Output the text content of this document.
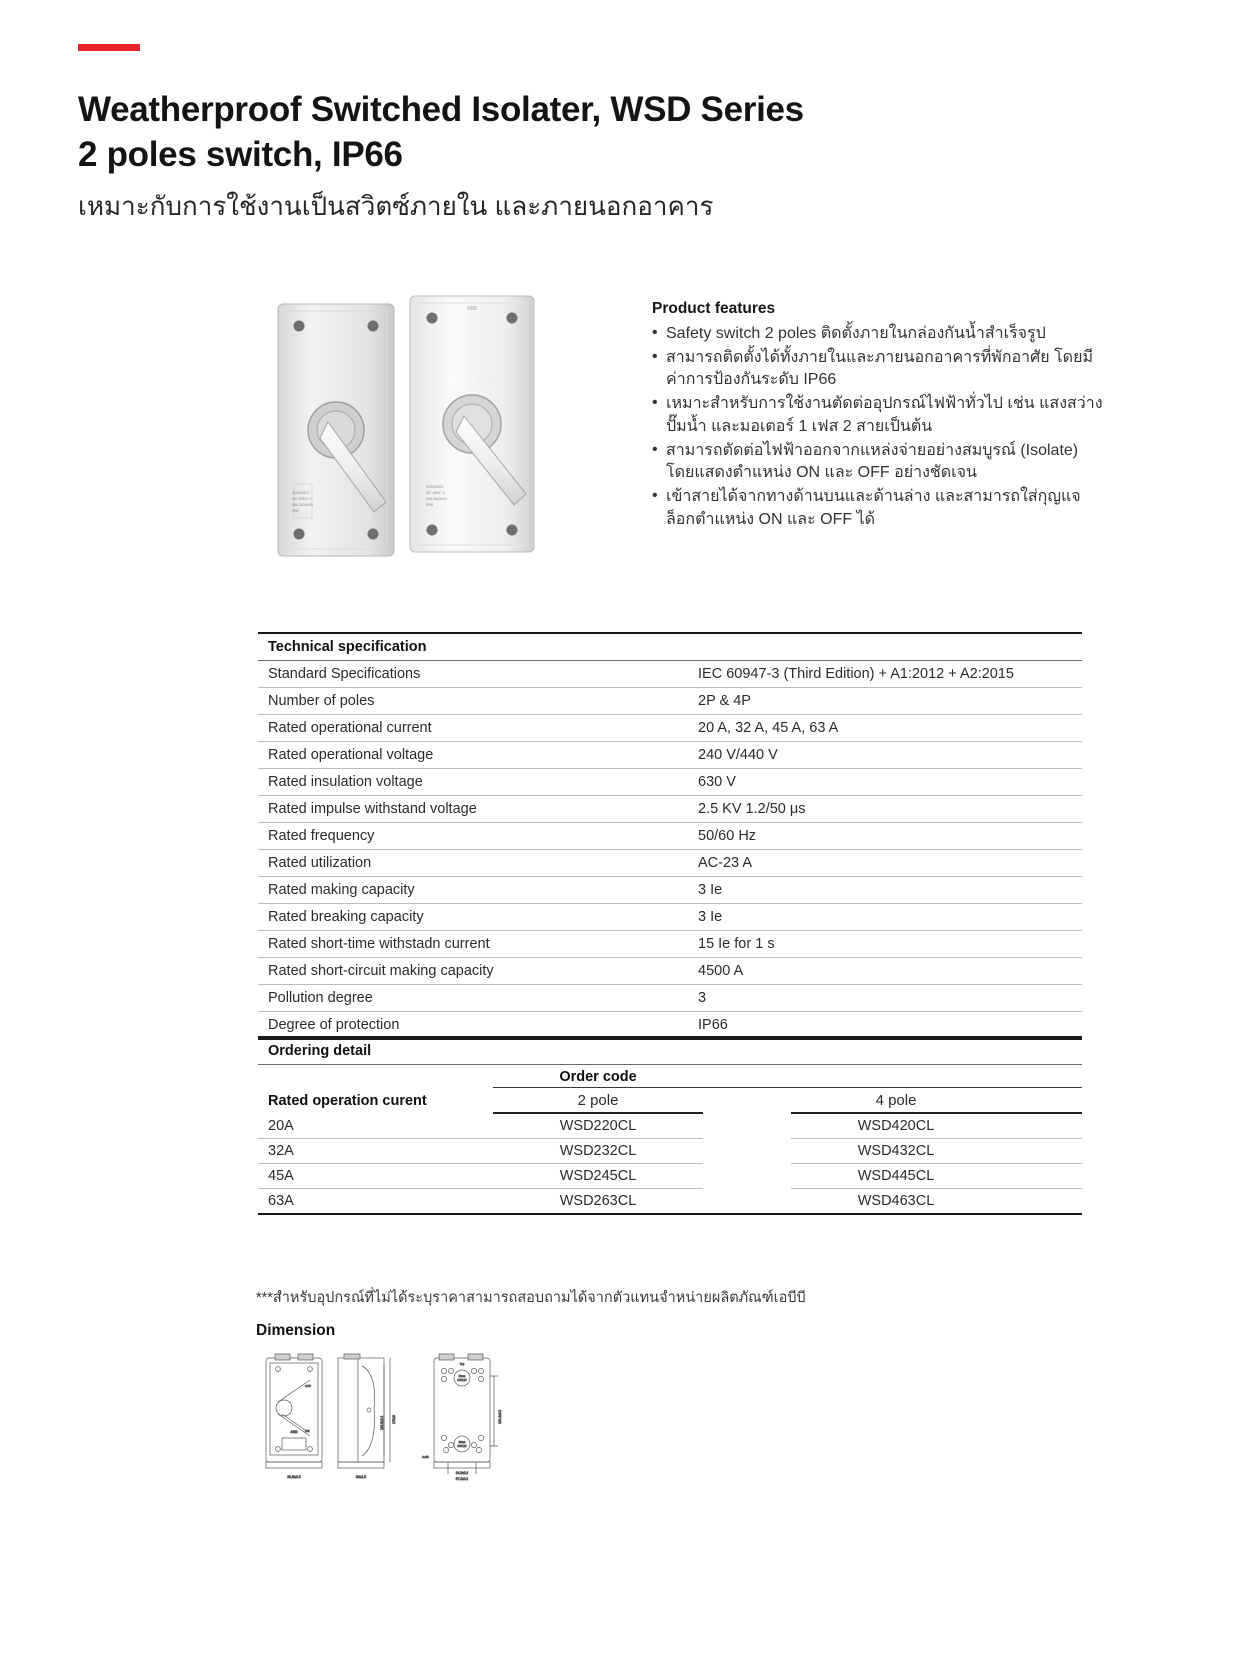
Weatherproof Switched Isolater, WSD Series
2 poles switch, IP66
เหมาะกับการใช้งานเป็นสวิตซ์ภายใน และภายนอกอาคาร
WSD245CL
IEC 60947-3
45A 240/440V
IP66
WSD263CL
IEC 60947-3
63A 240/440V
IP66
ABB	Product features
• Safety switch 2 poles ติดตั้งภายในกล่องกันน้ำสำเร็จรูป
• สามารถติดตั้งได้ทั้งภายในและภายนอกอาคารที่พักอาศัย โดยมีค่าการป้องกันระดับ IP66
• เหมาะสำหรับการใช้งานตัดต่ออุปกรณ์ไฟฟ้าทั่วไป เช่น แสงสว่าง ปั๊มน้ำ และมอเตอร์ 1 เฟส 2 สายเป็นต้น
• สามารถตัดต่อไฟฟ้าออกจากแหล่งจ่ายอย่างสมบูรณ์ (Isolate) โดยแสดงตำแหน่ง ON และ OFF อย่างชัดเจน
• เข้าสายได้จากทางด้านบนและด้านล่าง และสามารถใส่กุญแจ ล็อกตำแหน่ง ON และ OFF ได้
Technical specification	
Standard Specifications	IEC 60947-3 (Third Edition) + A1:2012 + A2:2015
Number of poles	2P & 4P
Rated operational current	20 A, 32 A, 45 A, 63 A
Rated operational voltage	240 V/440 V
Rated insulation voltage	630 V
Rated impulse withstand voltage	2.5 KV 1.2/50 μs
Rated frequency	50/60 Hz
Rated utilization	AC-23 A
Rated making capacity	3 Ie
Rated breaking capacity	3 Ie
Rated short-time withstadn current	15 Ie for 1 s
Rated short-circuit making capacity	4500 A
Pollution degree	3
Degree of protection	IP66
Ordering detail
Rated operation curent	Order code			
	2 pole		4 pole	
20A	WSD220CL		WSD420CL	
32A	WSD232CL		WSD432CL	
45A	WSD245CL		WSD445CL	
63A	WSD263CL		WSD463CL	
***สำหรับอุปกรณ์ที่ไม่ได้ระบุราคาสามารถสอบถามได้จากตัวแทนจำหน่ายผลิตภัณฑ์เอบีบี
Dimension
ABB
OFF
ON
80.5±0.3	86±1.5
163.5±0.4	175±3
Top
20mm
OUTLET
20mm
OUTLET
100.4±0.3
34.2±0.2
57.2±0.2
4-Ø5
